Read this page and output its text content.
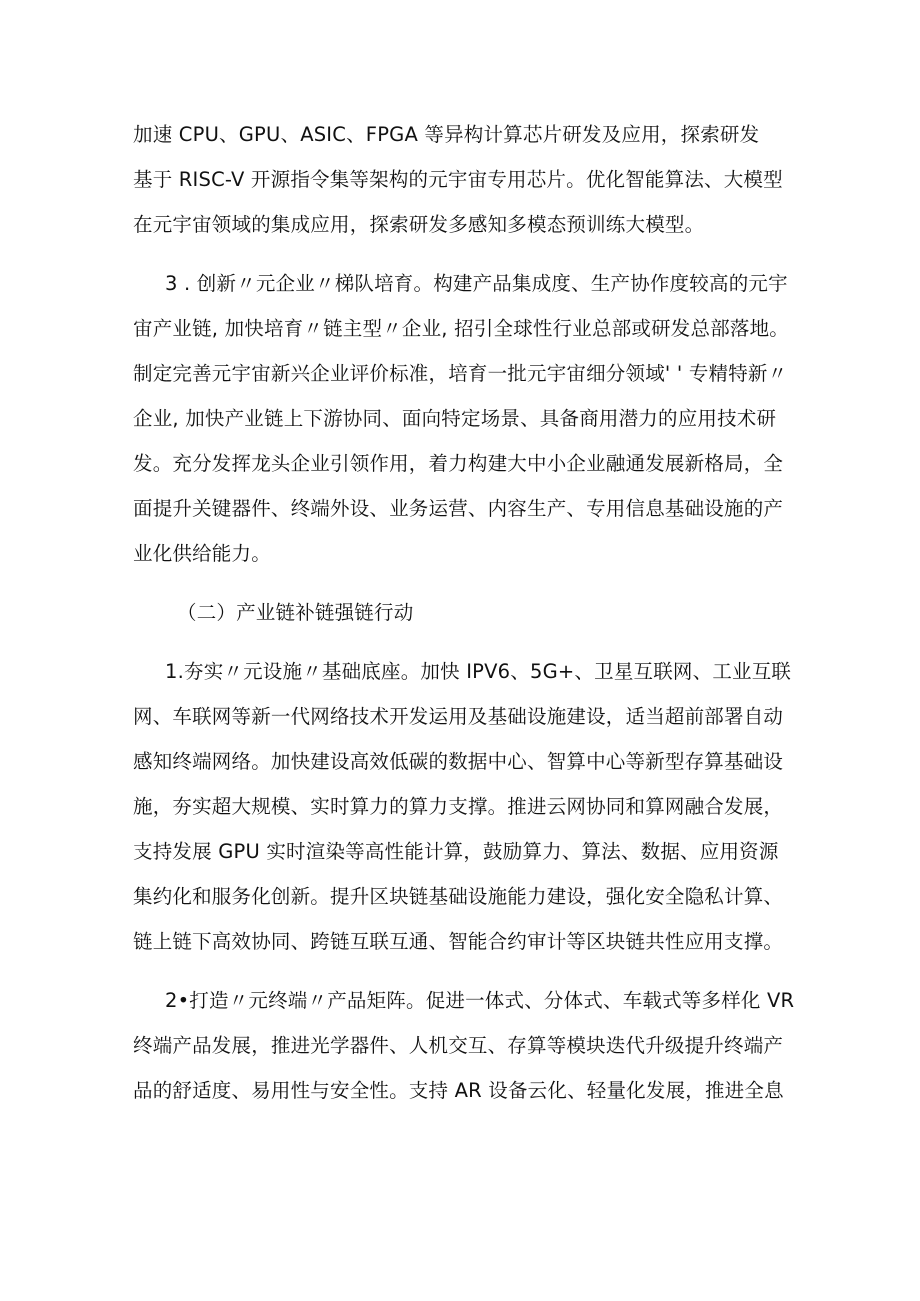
加速 CPU、GPU、ASIC、FPGA 等异构计算芯片研发及应用，探索研发
基于 RISC-V 开源指令集等架构的元宇宙专用芯片。优化智能算法、大模型
在元宇宙领域的集成应用，探索研发多感知多模态预训练大模型。
3 . 创新〃元企业〃梯队培育。构建产品集成度、生产协作度较高的元宇
宙产业链, 加快培育〃链主型〃企业, 招引全球性行业总部或研发总部落地。
制定完善元宇宙新兴企业评价标准，培育一批元宇宙细分领域' ' 专精特新〃
企业, 加快产业链上下游协同、面向特定场景、具备商用潜力的应用技术研
发。充分发挥龙头企业引领作用，着力构建大中小企业融通发展新格局，全
面提升关键器件、终端外设、业务运营、内容生产、专用信息基础设施的产
业化供给能力。
（二）产业链补链强链行动
1.夯实〃元设施〃基础底座。加快 IPV6、5G+、卫星互联网、工业互联
网、车联网等新一代网络技术开发运用及基础设施建设，适当超前部署自动
感知终端网络。加快建设高效低碳的数据中心、智算中心等新型存算基础设
施，夯实超大规模、实时算力的算力支撑。推进云网协同和算网融合发展，
支持发展 GPU 实时渲染等高性能计算，鼓励算力、算法、数据、应用资源
集约化和服务化创新。提升区块链基础设施能力建设，强化安全隐私计算、
链上链下高效协同、跨链互联互通、智能合约审计等区块链共性应用支撑。
2•打造〃元终端〃产品矩阵。促进一体式、分体式、车载式等多样化 VR
终端产品发展，推进光学器件、人机交互、存算等模块迭代升级提升终端产
品的舒适度、易用性与安全性。支持 AR 设备云化、轻量化发展，推进全息
